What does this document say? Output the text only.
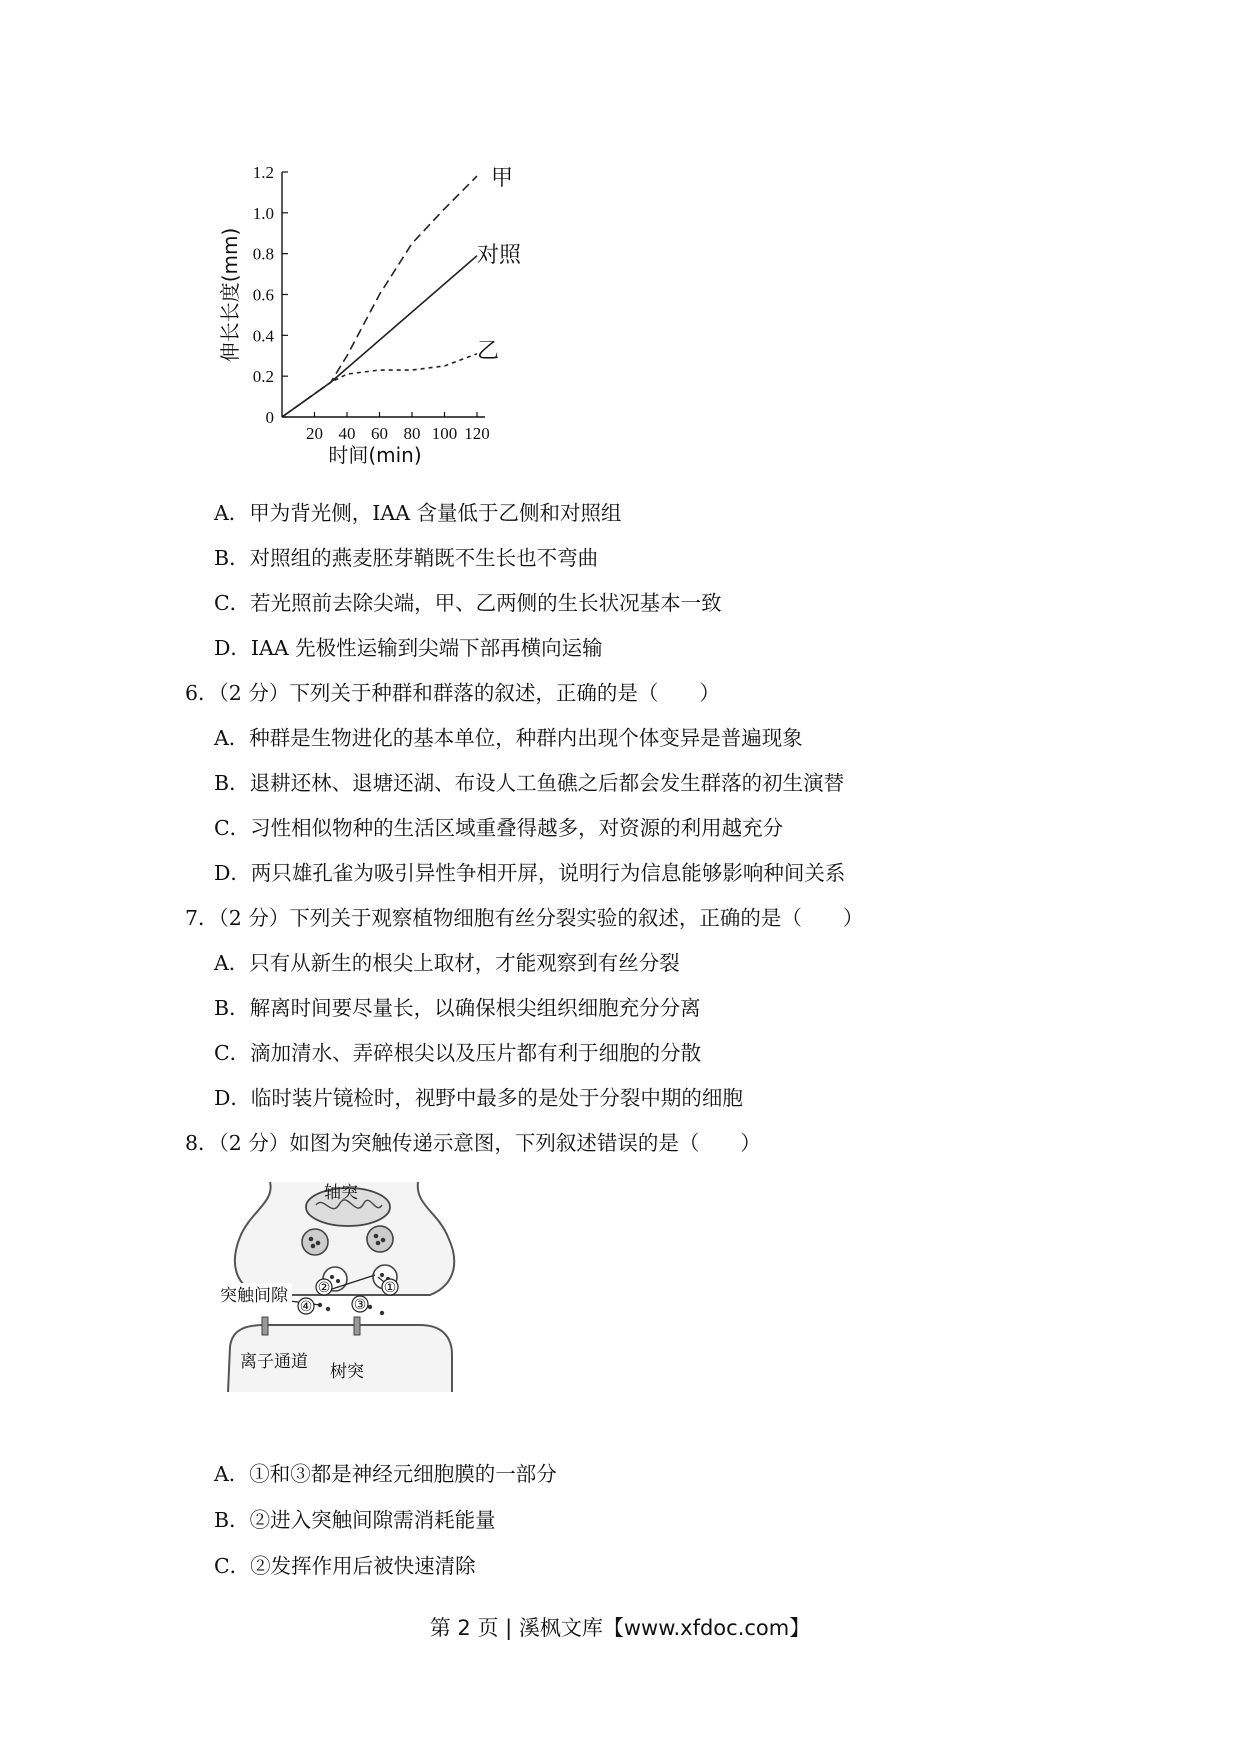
0
0.2
0.4
0.6
0.8
1.0
1.2
20 40 60 80 100 120
伸长长度(mm)
时间(min)
甲
对照
乙
A．甲为背光侧，IAA 含量低于乙侧和对照组
B．对照组的燕麦胚芽鞘既不生长也不弯曲
C．若光照前去除尖端，甲、乙两侧的生长状况基本一致
D．IAA 先极性运输到尖端下部再横向运输
6．（2 分）下列关于种群和群落的叙述，正确的是（　　）
A．种群是生物进化的基本单位，种群内出现个体变异是普遍现象
B．退耕还林、退塘还湖、布设人工鱼礁之后都会发生群落的初生演替
C．习性相似物种的生活区域重叠得越多，对资源的利用越充分
D．两只雄孔雀为吸引异性争相开屏，说明行为信息能够影响种间关系
7．（2 分）下列关于观察植物细胞有丝分裂实验的叙述，正确的是（　　）
A．只有从新生的根尖上取材，才能观察到有丝分裂
B．解离时间要尽量长，以确保根尖组织细胞充分分离
C．滴加清水、弄碎根尖以及压片都有利于细胞的分散
D．临时装片镜检时，视野中最多的是处于分裂中期的细胞
8．（2 分）如图为突触传递示意图，下列叙述错误的是（　　）
①
②
③
④
轴突
突触间隙
离子通道 树突
A．①和③都是神经元细胞膜的一部分
B．②进入突触间隙需消耗能量
C．②发挥作用后被快速清除
第 2 页 | 溪枫文库【www.xfdoc.com】
